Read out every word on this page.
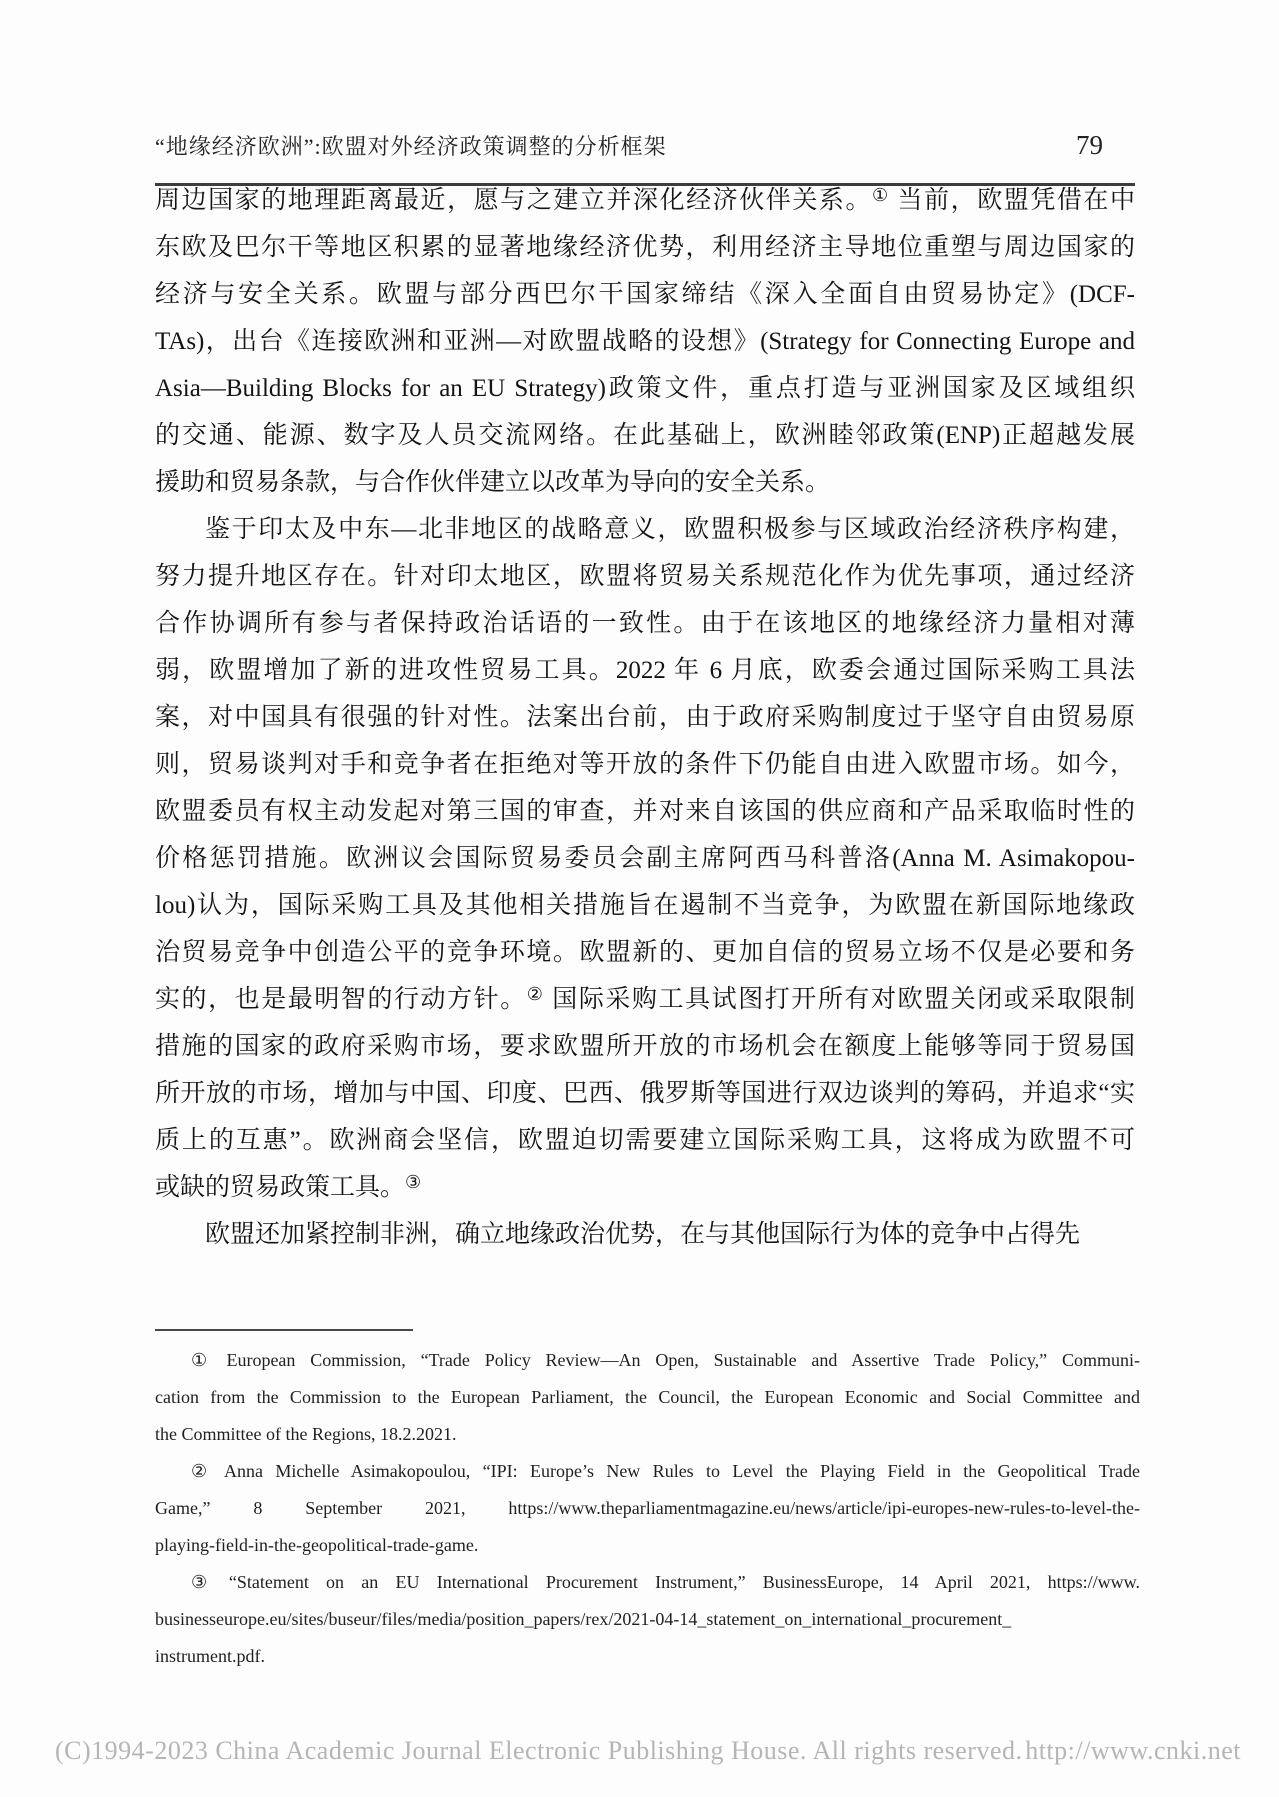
“地缘经济欧洲”:欧盟对外经济政策调整的分析框架	79
周边国家的地理距离最近，愿与之建立并深化经济伙伴关系。① 当前，欧盟凭借在中
东欧及巴尔干等地区积累的显著地缘经济优势，利用经济主导地位重塑与周边国家的
经济与安全关系。欧盟与部分西巴尔干国家缔结《深入全面自由贸易协定》(DCF-
TAs)，出台《连接欧洲和亚洲—对欧盟战略的设想》(Strategy for Connecting Europe and
Asia—Building Blocks for an EU Strategy)政策文件，重点打造与亚洲国家及区域组织
的交通、能源、数字及人员交流网络。在此基础上，欧洲睦邻政策(ENP)正超越发展
援助和贸易条款，与合作伙伴建立以改革为导向的安全关系。
鉴于印太及中东—北非地区的战略意义，欧盟积极参与区域政治经济秩序构建，
努力提升地区存在。针对印太地区，欧盟将贸易关系规范化作为优先事项，通过经济
合作协调所有参与者保持政治话语的一致性。由于在该地区的地缘经济力量相对薄
弱，欧盟增加了新的进攻性贸易工具。2022 年 6 月底，欧委会通过国际采购工具法
案，对中国具有很强的针对性。法案出台前，由于政府采购制度过于坚守自由贸易原
则，贸易谈判对手和竞争者在拒绝对等开放的条件下仍能自由进入欧盟市场。如今，
欧盟委员有权主动发起对第三国的审查，并对来自该国的供应商和产品采取临时性的
价格惩罚措施。欧洲议会国际贸易委员会副主席阿西马科普洛(Anna M. Asimakopou-
lou)认为，国际采购工具及其他相关措施旨在遏制不当竞争，为欧盟在新国际地缘政
治贸易竞争中创造公平的竞争环境。欧盟新的、更加自信的贸易立场不仅是必要和务
实的，也是最明智的行动方针。② 国际采购工具试图打开所有对欧盟关闭或采取限制
措施的国家的政府采购市场，要求欧盟所开放的市场机会在额度上能够等同于贸易国
所开放的市场，增加与中国、印度、巴西、俄罗斯等国进行双边谈判的筹码，并追求“实
质上的互惠”。欧洲商会坚信，欧盟迫切需要建立国际采购工具，这将成为欧盟不可
或缺的贸易政策工具。③
欧盟还加紧控制非洲，确立地缘政治优势，在与其他国际行为体的竞争中占得先
① European Commission, “Trade Policy Review—An Open, Sustainable and Assertive Trade Policy,” Communi-
cation from the Commission to the European Parliament, the Council, the European Economic and Social Committee and
the Committee of the Regions, 18.2.2021.
② Anna Michelle Asimakopoulou, “IPI: Europe’s New Rules to Level the Playing Field in the Geopolitical Trade
Game,” 8 September 2021, https://www.theparliamentmagazine.eu/news/article/ipi-europes-new-rules-to-level-the-
playing-field-in-the-geopolitical-trade-game.
③ “Statement on an EU International Procurement Instrument,” BusinessEurope, 14 April 2021, https://www.
businesseurope.eu/sites/buseur/files/media/position_papers/rex/2021-04-14_statement_on_international_procurement_
instrument.pdf.
(C)1994-2023 China Academic Journal Electronic Publishing House. All rights reserved. http://www.cnki.net
